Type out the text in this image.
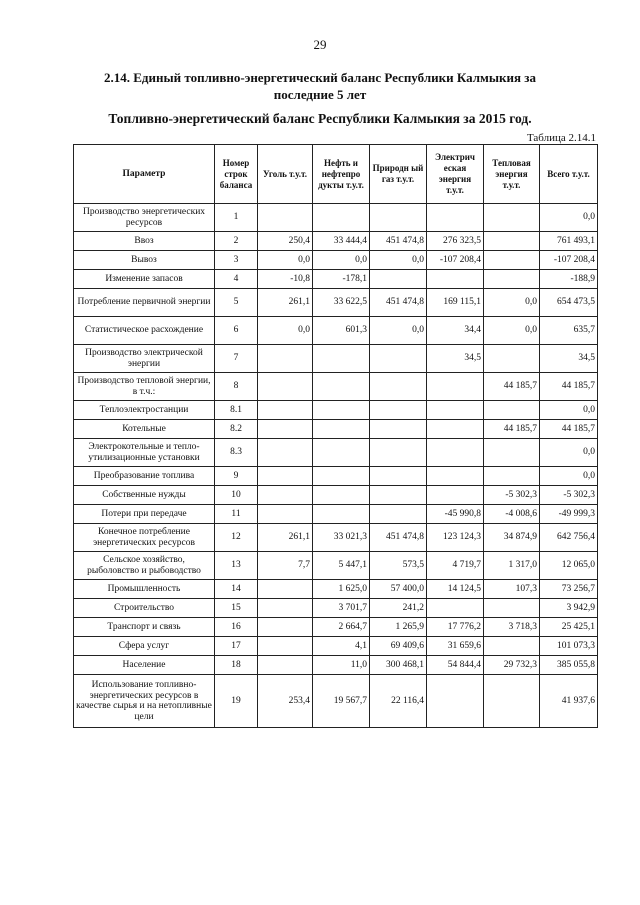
29
2.14. Единый топливно-энергетический баланс Республики Калмыкия за последние 5 лет
Топливно-энергетический баланс Республики Калмыкия за 2015 год.
Таблица 2.14.1
Параметр	Номер строк баланса	Уголь т.у.т.	Нефть и нефтепро дукты т.у.т.	Природн ый газ т.у.т.	Электрич еская энергия т.у.т.	Тепловая энергия т.у.т.	Всего т.у.т.
Производство энергетических ресурсов	1						0,0
Ввоз	2	250,4	33 444,4	451 474,8	276 323,5		761 493,1
Вывоз	3	0,0	0,0	0,0	-107 208,4		-107 208,4
Изменение запасов	4	-10,8	-178,1				-188,9
Потребление первичной энергии	5	261,1	33 622,5	451 474,8	169 115,1	0,0	654 473,5
Статистическое расхождение	6	0,0	601,3	0,0	34,4	0,0	635,7
Производство электрической энергии	7				34,5		34,5
Производство тепловой энергии, в т.ч.:	8					44 185,7	44 185,7
Теплоэлектростанции	8.1						0,0
Котельные	8.2					44 185,7	44 185,7
Электрокотельные и тепло-утилизационные установки	8.3						0,0
Преобразование топлива	9						0,0
Собственные нужды	10					-5 302,3	-5 302,3
Потери при передаче	11				-45 990,8	-4 008,6	-49 999,3
Конечное потребление энергетических ресурсов	12	261,1	33 021,3	451 474,8	123 124,3	34 874,9	642 756,4
Сельское хозяйство, рыболовство и рыбоводство	13	7,7	5 447,1	573,5	4 719,7	1 317,0	12 065,0
Промышленность	14		1 625,0	57 400,0	14 124,5	107,3	73 256,7
Строительство	15		3 701,7	241,2			3 942,9
Транспорт и связь	16		2 664,7	1 265,9	17 776,2	3 718,3	25 425,1
Сфера услуг	17		4,1	69 409,6	31 659,6		101 073,3
Население	18		11,0	300 468,1	54 844,4	29 732,3	385 055,8
Использование топливно-энергетических ресурсов в качестве сырья и на нетопливные цели	19	253,4	19 567,7	22 116,4			41 937,6
